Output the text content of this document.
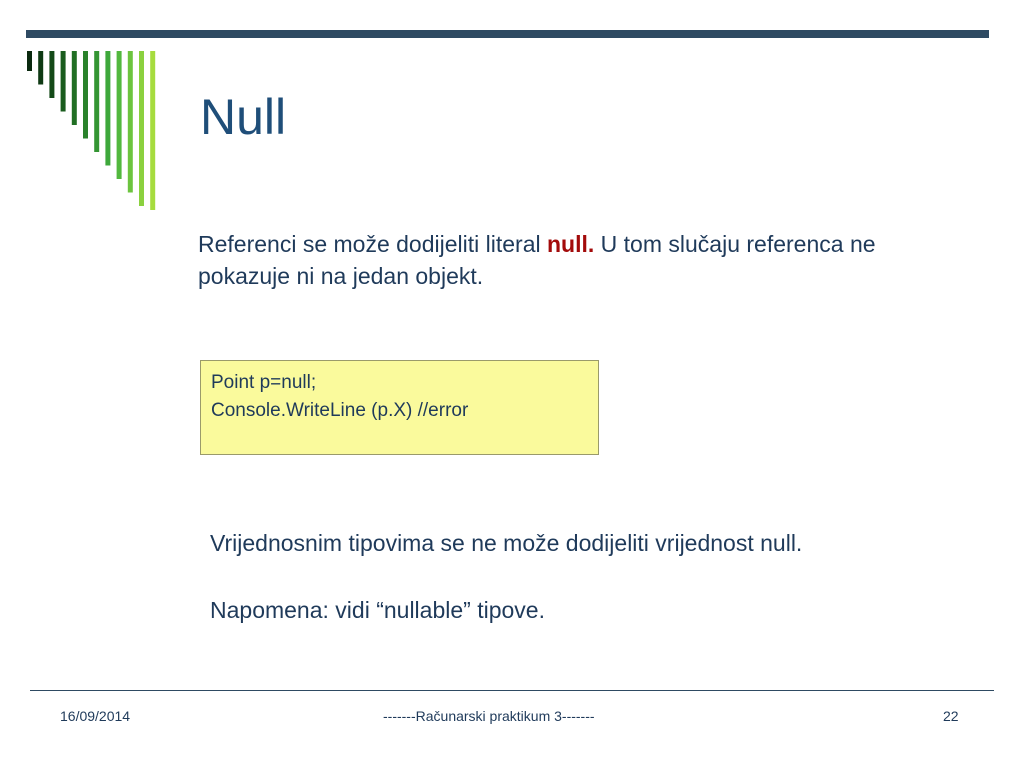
Null
Referenci se može dodijeliti literal null. U tom slučaju referenca ne pokazuje ni na jedan objekt.
Point p=null;
Console.WriteLine (p.X) //error
Vrijednosnim tipovima se ne može dodijeliti vrijednost null.
Napomena: vidi “nullable” tipove.
16/09/2014	-------Računarski praktikum 3-------	22
